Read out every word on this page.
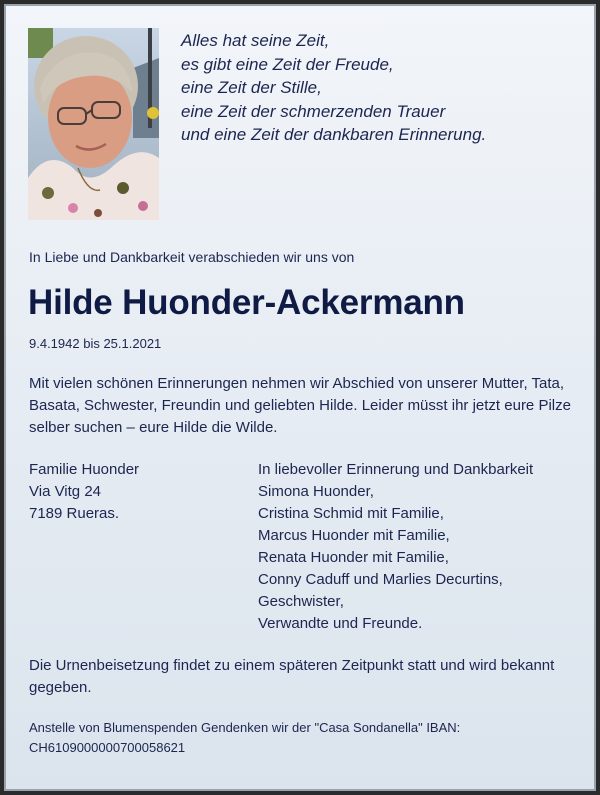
Alles hat seine Zeit,
es gibt eine Zeit der Freude,
eine Zeit der Stille,
eine Zeit der schmerzenden Trauer
und eine Zeit der dankbaren Erinnerung.
In Liebe und Dankbarkeit verabschieden wir uns von
Hilde Huonder-Ackermann
9.4.1942 bis 25.1.2021
Mit vielen schönen Erinnerungen nehmen wir Abschied von unserer Mutter, Tata, Basata, Schwester, Freundin und geliebten Hilde. Leider müsst ihr jetzt eure Pilze selber suchen – eure Hilde die Wilde.
Familie Huonder
Via Vitg 24
7189 Rueras.
In liebevoller Erinnerung und Dankbarkeit
Simona Huonder,
Cristina Schmid mit Familie,
Marcus Huonder mit Familie,
Renata Huonder mit Familie,
Conny Caduff und Marlies Decurtins,
Geschwister,
Verwandte und Freunde.
Die Urnenbeisetzung findet zu einem späteren Zeitpunkt statt und wird bekannt gegeben.
Anstelle von Blumenspenden Gendenken wir der "Casa Sondanella" IBAN:
CH6109000000700058621
